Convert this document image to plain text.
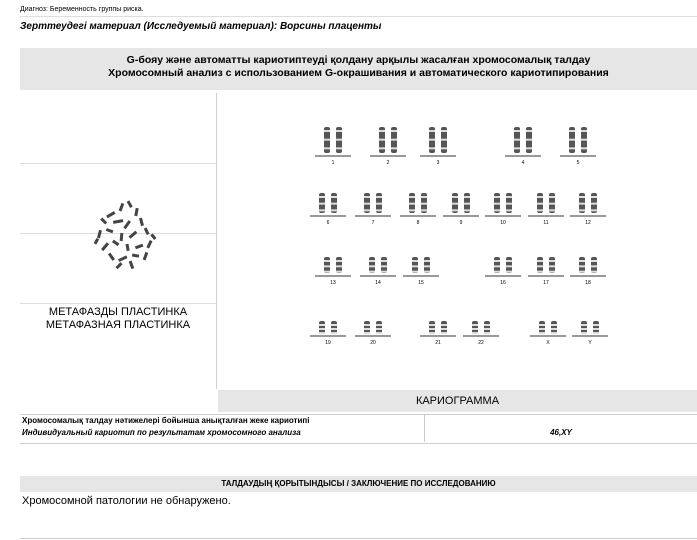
Диагноз: Беременность группы риска.
Зерттеудегі материал (Исследуемый материал): Ворсины плаценты
G-бояу және автоматты кариотиптеуді қолдану арқылы жасалған хромосомалық талдау
Хромосомный анализ с использованием G-окрашивания и автоматического кариотипирования
МЕТАФАЗДЫ ПЛАСТИНКА
МЕТАФАЗНАЯ ПЛАСТИНКА
1	2	3	4	5
6	7	8	9	10	11	12
13	14	15	16	17	18
19	20	21	22	X	Y
КАРИОГРАММА
Хромосомалық талдау нәтижелері бойынша анықталған жеке кариотипі
Индивидуальный кариотип по результатам хромосомного анализа	46,XY
ТАЛДАУДЫҢ ҚОРЫТЫНДЫСЫ / ЗАКЛЮЧЕНИЕ ПО ИССЛЕДОВАНИЮ
Хромосомной патологии не обнаружено.
